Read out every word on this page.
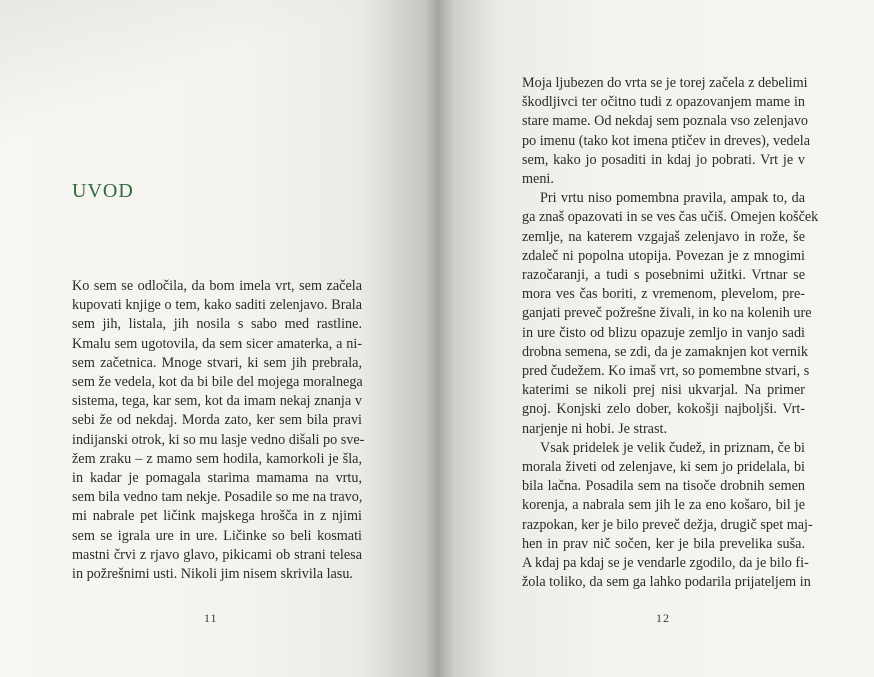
UVOD

Ko sem se odločila, da bom imela vrt, sem začela
kupovati knjige o tem, kako saditi zelenjavo. Brala
sem jih, listala, jih nosila s sabo med rastline.
Kmalu sem ugotovila, da sem sicer amaterka, a ni-
sem začetnica. Mnoge stvari, ki sem jih prebrala,
sem že vedela, kot da bi bile del mojega moralnega
sistema, tega, kar sem, kot da imam nekaj znanja v
sebi že od nekdaj. Morda zato, ker sem bila pravi
indijanski otrok, ki so mu lasje vedno dišali po sve-
žem zraku – z mamo sem hodila, kamorkoli je šla,
in kadar je pomagala starima mamama na vrtu,
sem bila vedno tam nekje. Posadile so me na travo,
mi nabrale pet ličink majskega hrošča in z njimi
sem se igrala ure in ure. Ličinke so beli kosmati
mastni črvi z rjavo glavo, pikicami ob strani telesa
in požrešnimi usti. Nikoli jim nisem skrivila lasu.

11

Moja ljubezen do vrta se je torej začela z debelimi
škodljivci ter očitno tudi z opazovanjem mame in
stare mame. Od nekdaj sem poznala vso zelenjavo
po imenu (tako kot imena ptičev in dreves), vedela
sem, kako jo posaditi in kdaj jo pobrati. Vrt je v
meni.

Pri vrtu niso pomembna pravila, ampak to, da
ga znaš opazovati in se ves čas učiš. Omejen košček
zemlje, na katerem vzgajaš zelenjavo in rože, še
zdaleč ni popolna utopija. Povezan je z mnogimi
razočaranji, a tudi s posebnimi užitki. Vrtnar se
mora ves čas boriti, z vremenom, plevelom, pre-
ganjati preveč požrešne živali, in ko na kolenih ure
in ure čisto od blizu opazuje zemljo in vanjo sadi
drobna semena, se zdi, da je zamaknjen kot vernik
pred čudežem. Ko imaš vrt, so pomembne stvari, s
katerimi se nikoli prej nisi ukvarjal. Na primer
gnoj. Konjski zelo dober, kokošji najboljši. Vrt-
narjenje ni hobi. Je strast.

Vsak pridelek je velik čudež, in priznam, če bi
morala živeti od zelenjave, ki sem jo pridelala, bi
bila lačna. Posadila sem na tisoče drobnih semen
korenja, a nabrala sem jih le za eno košaro, bil je
razpokan, ker je bilo preveč dežja, drugič spet maj-
hen in prav nič sočen, ker je bila prevelika suša.
A kdaj pa kdaj se je vendarle zgodilo, da je bilo fi-
žola toliko, da sem ga lahko podarila prijateljem in

12
